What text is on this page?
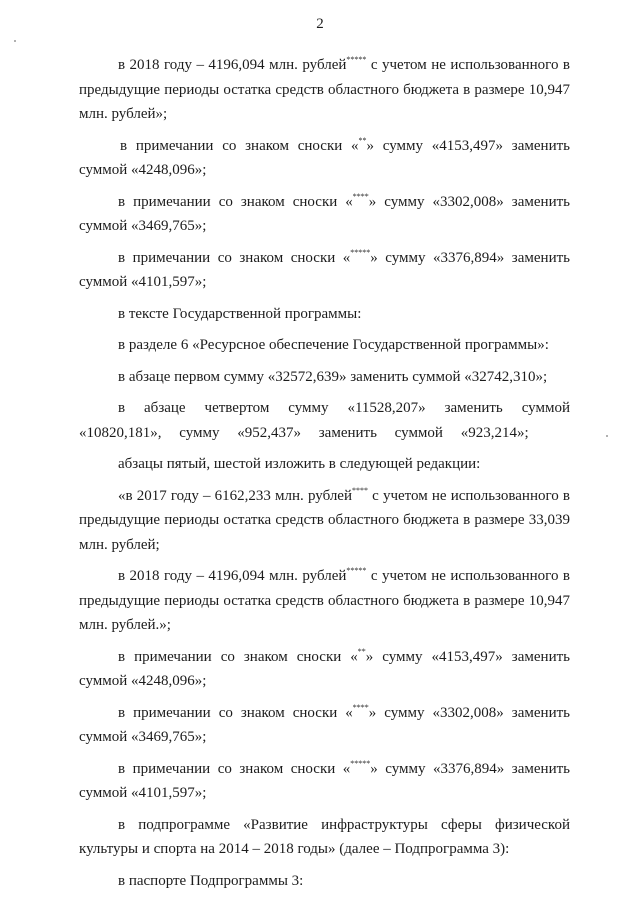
2

в 2018 году – 4196,094 млн. рублей***** с учетом не использованного в предыдущие периоды остатка средств областного бюджета в размере 10,947 млн. рублей»;

в примечании со знаком сноски «**» сумму «4153,497» заменить суммой «4248,096»;

в примечании со знаком сноски «****» сумму «3302,008» заменить суммой «3469,765»;

в примечании со знаком сноски «*****» сумму «3376,894» заменить суммой «4101,597»;

в тексте Государственной программы:

в разделе 6 «Ресурсное обеспечение Государственной программы»:

в абзаце первом сумму «32572,639» заменить суммой «32742,310»;

в абзаце четвертом сумму «11528,207» заменить суммой «10820,181», сумму «952,437» заменить суммой «923,214»;

абзацы пятый, шестой изложить в следующей редакции:

«в 2017 году – 6162,233 млн. рублей**** с учетом не использованного в предыдущие периоды остатка средств областного бюджета в размере 33,039 млн. рублей;

в 2018 году – 4196,094 млн. рублей***** с учетом не использованного в предыдущие периоды остатка средств областного бюджета в размере 10,947 млн. рублей.»;

в примечании со знаком сноски «**» сумму «4153,497» заменить суммой «4248,096»;

в примечании со знаком сноски «****» сумму «3302,008» заменить суммой «3469,765»;

в примечании со знаком сноски «*****» сумму «3376,894» заменить суммой «4101,597»;

в подпрограмме «Развитие инфраструктуры сферы физической культуры и спорта на 2014 – 2018 годы» (далее – Подпрограмма 3):

в паспорте Подпрограммы 3:
